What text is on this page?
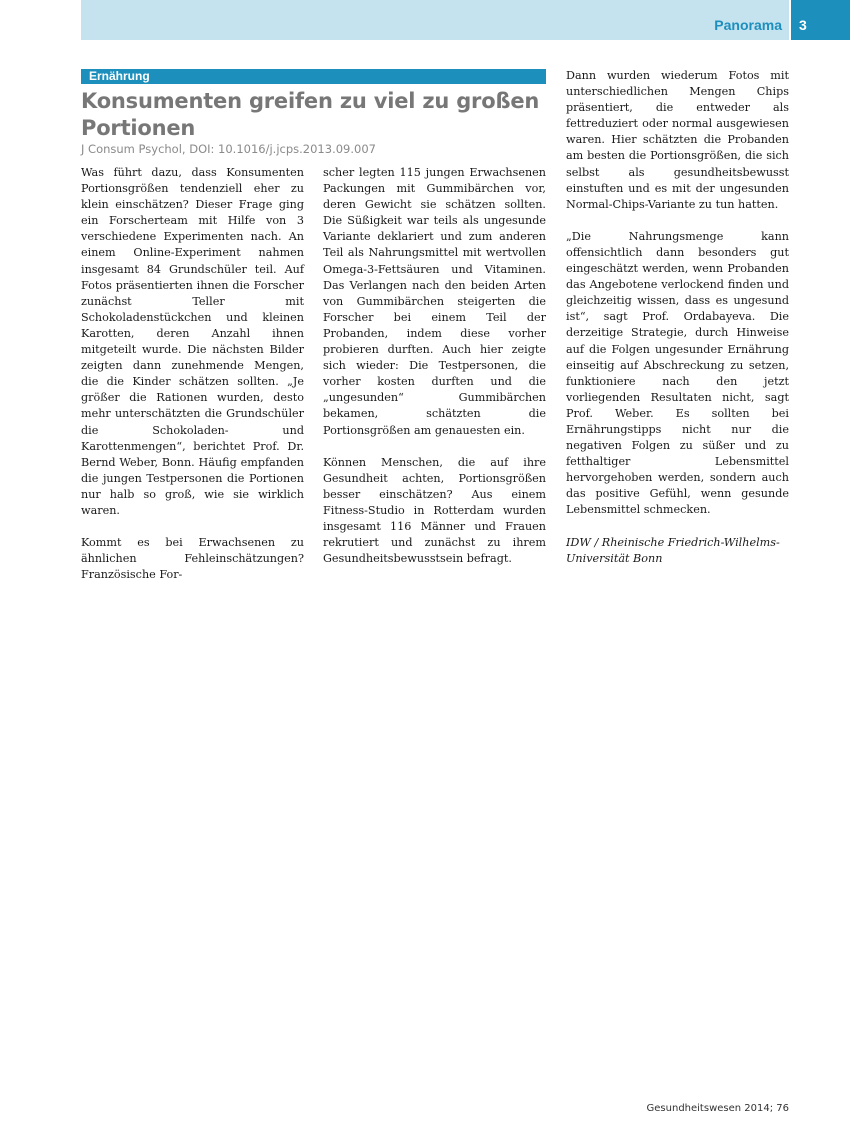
Panorama 3
Ernährung
Konsumenten greifen zu viel zu großen Portionen
J Consum Psychol, DOI: 10.1016/j.jcps.2013.09.007

Was führt dazu, dass Konsumenten Portionsgrößen tendenziell eher zu klein einschätzen? Dieser Frage ging ein Forscherteam mit Hilfe von 3 verschiedene Experimenten nach. An einem Online-Experiment nahmen insgesamt 84 Grundschüler teil. Auf Fotos präsentierten ihnen die Forscher zunächst Teller mit Schokoladenstückchen und kleinen Karotten, deren Anzahl ihnen mitgeteilt wurde. Die nächsten Bilder zeigten dann zunehmende Mengen, die die Kinder schätzen sollten. „Je größer die Rationen wurden, desto mehr unterschätzten die Grundschüler die Schokoladen- und Karottenmengen“, berichtet Prof. Dr. Bernd Weber, Bonn. Häufig empfanden die jungen Testpersonen die Portionen nur halb so groß, wie sie wirklich waren.

Kommt es bei Erwachsenen zu ähnlichen Fehleinschätzungen? Französische For-

scher legten 115 jungen Erwachsenen Packungen mit Gummibärchen vor, deren Gewicht sie schätzen sollten. Die Süßigkeit war teils als ungesunde Variante deklariert und zum anderen Teil als Nahrungsmittel mit wertvollen Omega-3-Fettsäuren und Vitaminen. Das Verlangen nach den beiden Arten von Gummibärchen steigerten die Forscher bei einem Teil der Probanden, indem diese vorher probieren durften. Auch hier zeigte sich wieder: Die Testpersonen, die vorher kosten durften und die „ungesunden“ Gummibärchen bekamen, schätzten die Portionsgrößen am genauesten ein.

Können Menschen, die auf ihre Gesundheit achten, Portionsgrößen besser einschätzen? Aus einem Fitness-Studio in Rotterdam wurden insgesamt 116 Männer und Frauen rekrutiert und zunächst zu ihrem Gesundheitsbewusstsein befragt.

Dann wurden wiederum Fotos mit unterschiedlichen Mengen Chips präsentiert, die entweder als fettreduziert oder normal ausgewiesen waren. Hier schätzten die Probanden am besten die Portionsgrößen, die sich selbst als gesundheitsbewusst einstuften und es mit der ungesunden Normal-Chips-Variante zu tun hatten.

„Die Nahrungsmenge kann offensichtlich dann besonders gut eingeschätzt werden, wenn Probanden das Angebotene verlockend finden und gleichzeitig wissen, dass es ungesund ist“, sagt Prof. Ordabayeva. Die derzeitige Strategie, durch Hinweise auf die Folgen ungesunder Ernährung einseitig auf Abschreckung zu setzen, funktioniere nach den jetzt vorliegenden Resultaten nicht, sagt Prof. Weber. Es sollten bei Ernährungstipps nicht nur die negativen Folgen zu süßer und zu fetthaltiger Lebensmittel hervorgehoben werden, sondern auch das positive Gefühl, wenn gesunde Lebensmittel schmecken.

IDW / Rheinische Friedrich-Wilhelms-Universität Bonn

Gesundheitswesen 2014; 76
